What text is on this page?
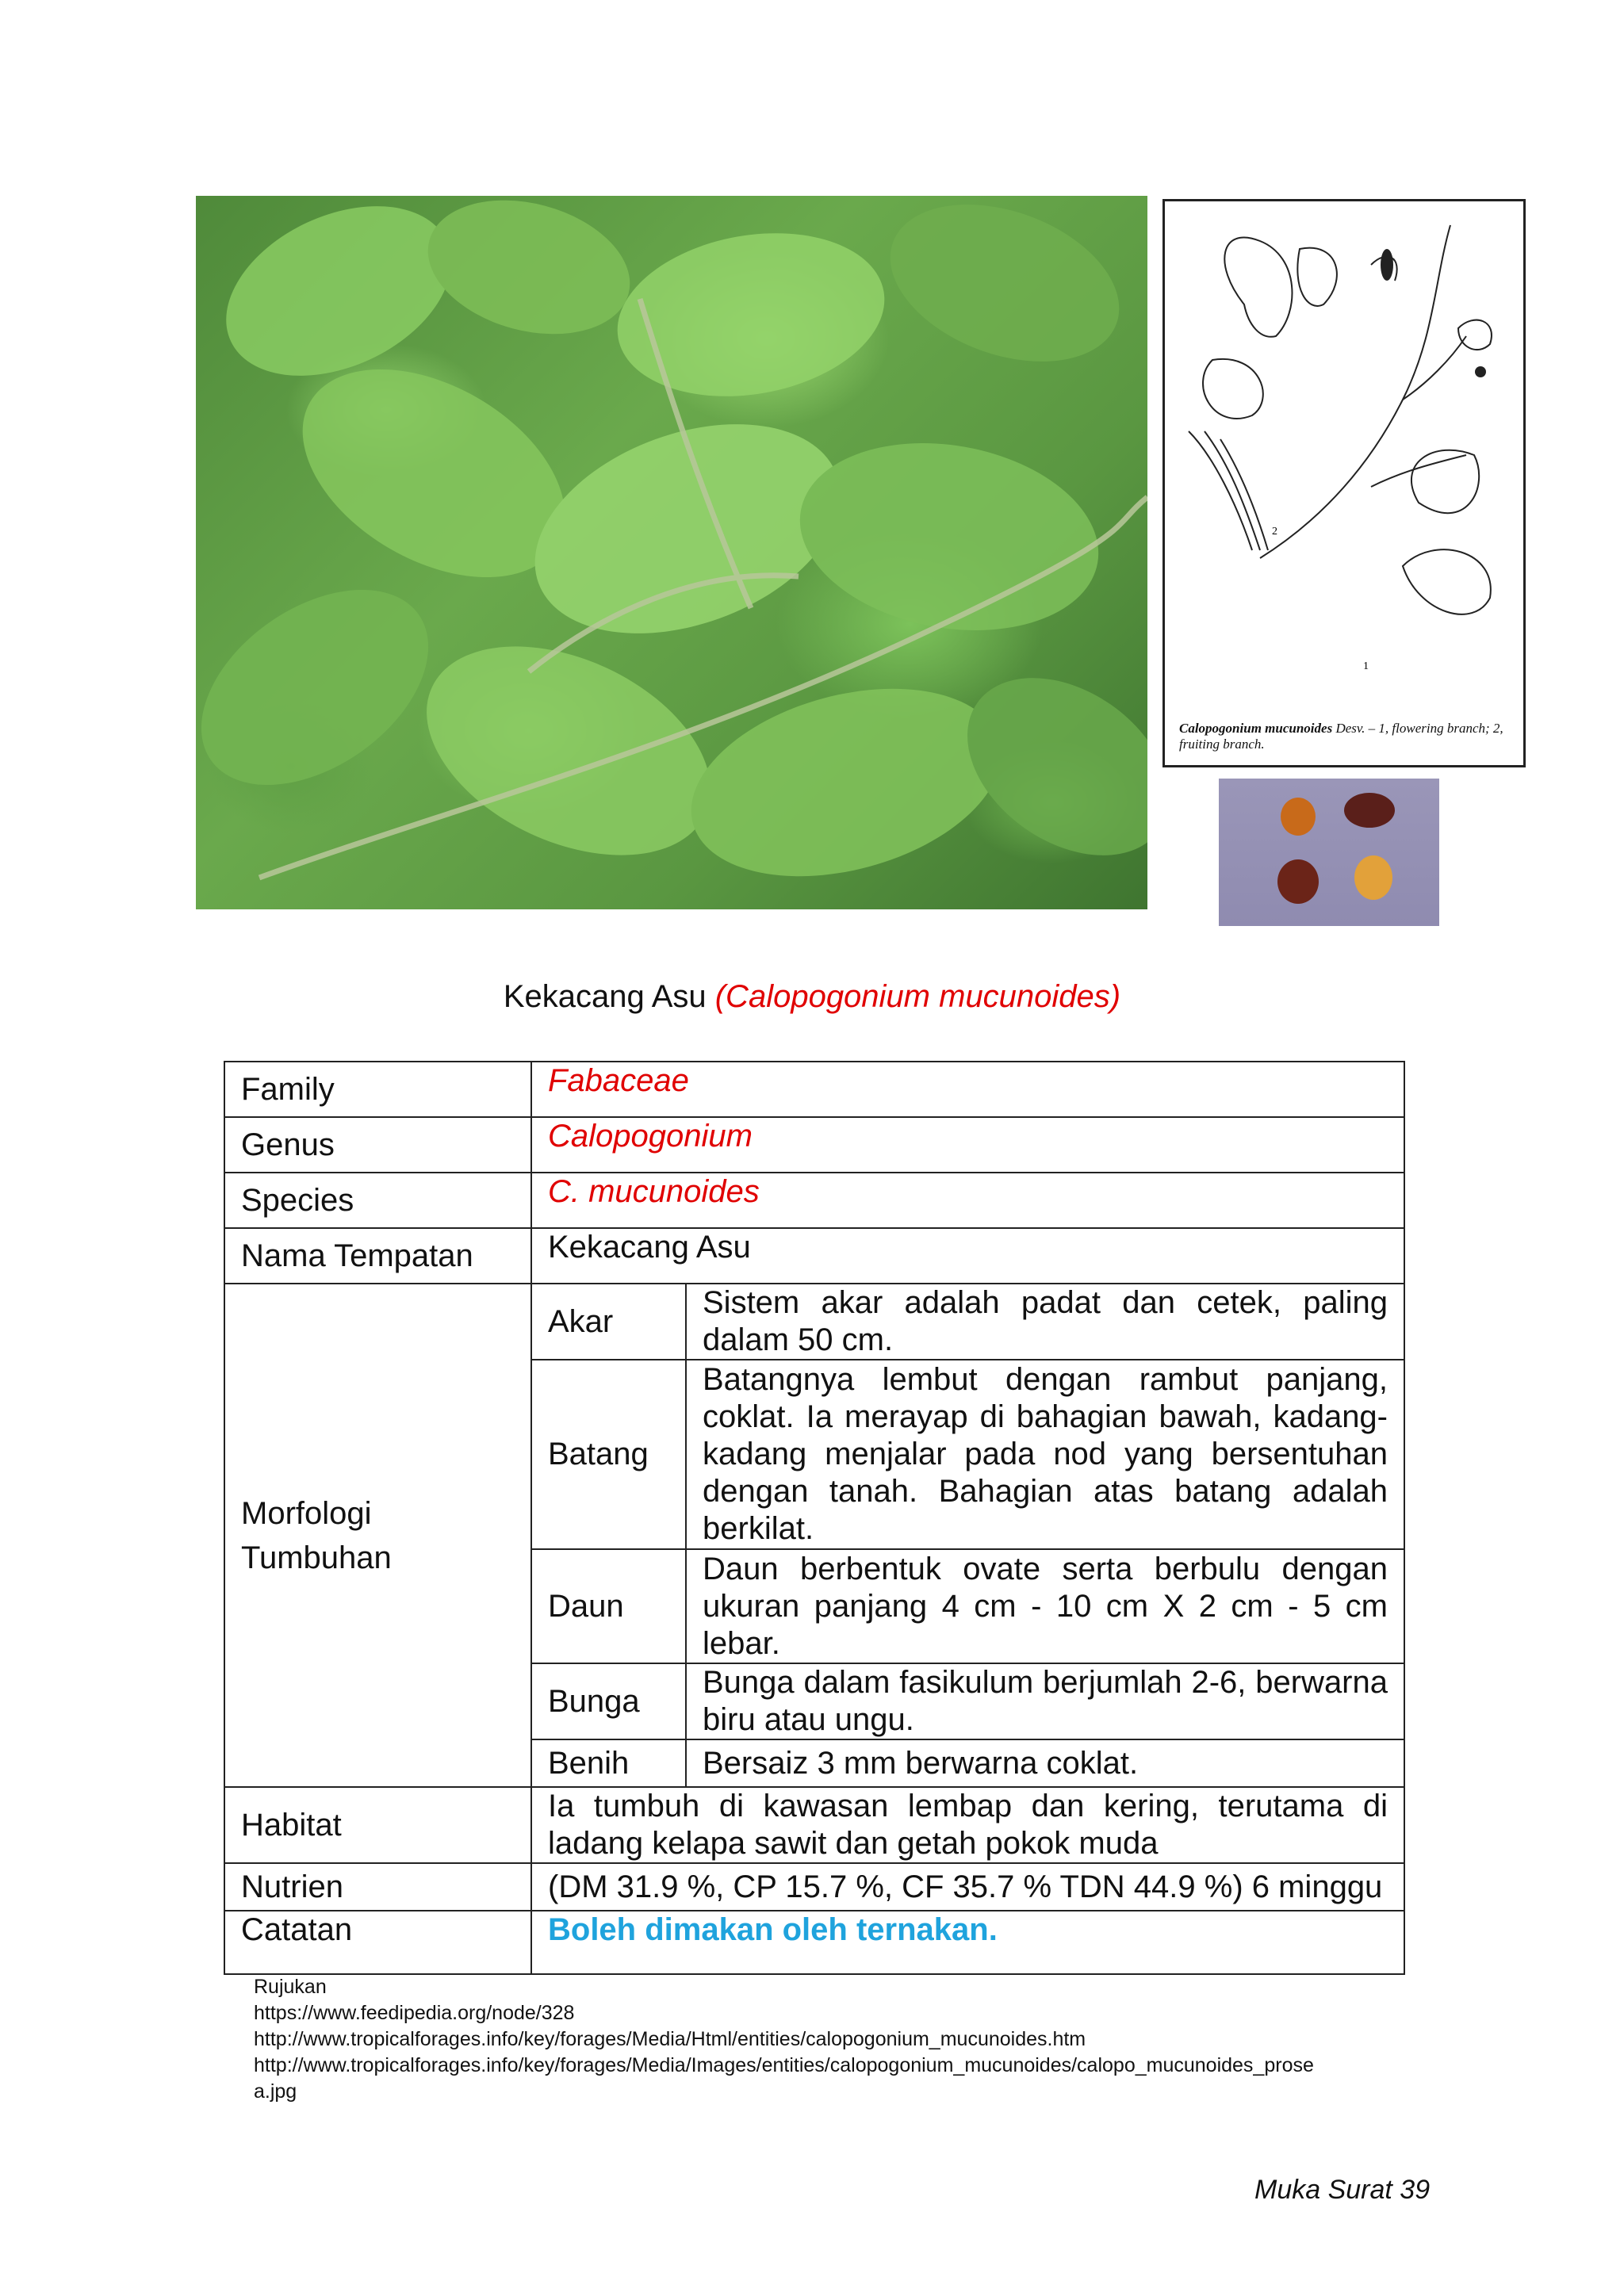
2
1
Calopogonium mucunoides Desv. – 1, flowering branch; 2, fruiting branch.
Kekacang Asu (Calopogonium mucunoides)
Family	Fabaceae	
Genus	Calopogonium	
Species	C. mucunoides	
Nama Tempatan	Kekacang Asu	
Morfologi
Tumbuhan	Akar	Sistem akar adalah padat dan cetek, paling dalam 50 cm.
	Batang	Batangnya lembut dengan rambut panjang, coklat. Ia merayap di bahagian bawah, kadang-kadang menjalar pada nod yang bersentuhan dengan tanah. Bahagian atas batang adalah berkilat.
	Daun	Daun berbentuk ovate serta berbulu dengan ukuran panjang 4 cm - 10 cm X 2 cm - 5 cm lebar.
	Bunga	Bunga dalam fasikulum berjumlah 2-6, berwarna biru atau ungu.
	Benih	Bersaiz 3 mm berwarna coklat.
Habitat	Ia tumbuh di kawasan lembap dan kering, terutama di ladang kelapa sawit dan getah pokok muda	
Nutrien	(DM 31.9 %, CP 15.7 %, CF 35.7 % TDN 44.9 %) 6 minggu	
Catatan	Boleh dimakan oleh ternakan.	
Rujukan
https://www.feedipedia.org/node/328
http://www.tropicalforages.info/key/forages/Media/Html/entities/calopogonium_mucunoides.htm
http://www.tropicalforages.info/key/forages/Media/Images/entities/calopogonium_mucunoides/calopo_mucunoides_prose
a.jpg
Muka Surat 39
